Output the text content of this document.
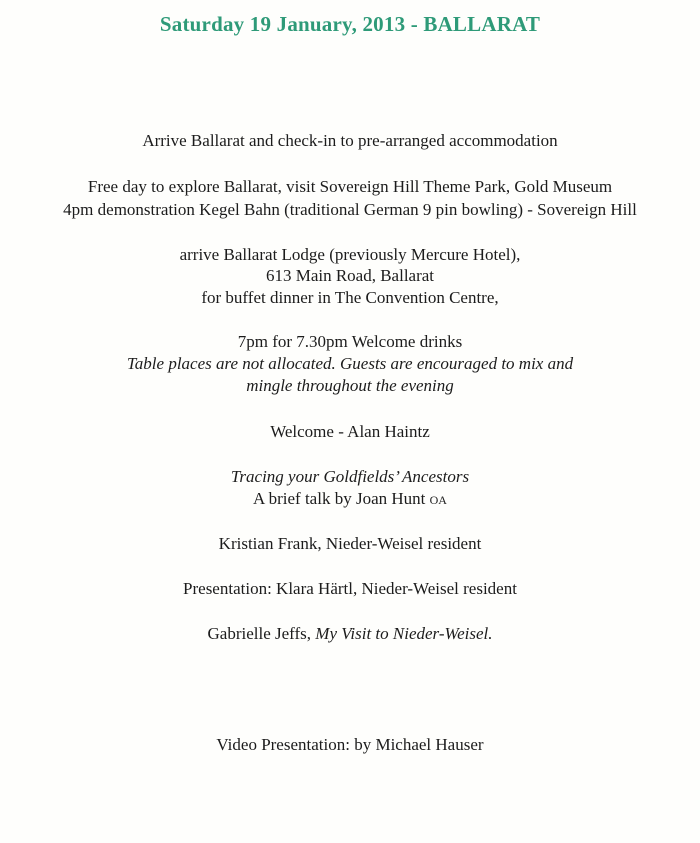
Saturday 19 January, 2013 - BALLARAT
Arrive Ballarat and check-in to pre-arranged accommodation
Free day to explore Ballarat, visit Sovereign Hill Theme Park, Gold Museum
4pm demonstration Kegel Bahn (traditional German 9 pin bowling) - Sovereign Hill
arrive Ballarat Lodge (previously Mercure Hotel),
613 Main Road, Ballarat
for buffet dinner in The Convention Centre,
7pm for 7.30pm Welcome drinks
Table places are not allocated. Guests are encouraged to mix and
mingle throughout the evening
Welcome - Alan Haintz
Tracing your Goldfields’ Ancestors
A brief talk by Joan Hunt OA
Kristian Frank, Nieder-Weisel resident
Presentation: Klara Härtl, Nieder-Weisel resident
Gabrielle Jeffs, My Visit to Nieder-Weisel.
Video Presentation: by Michael Hauser
